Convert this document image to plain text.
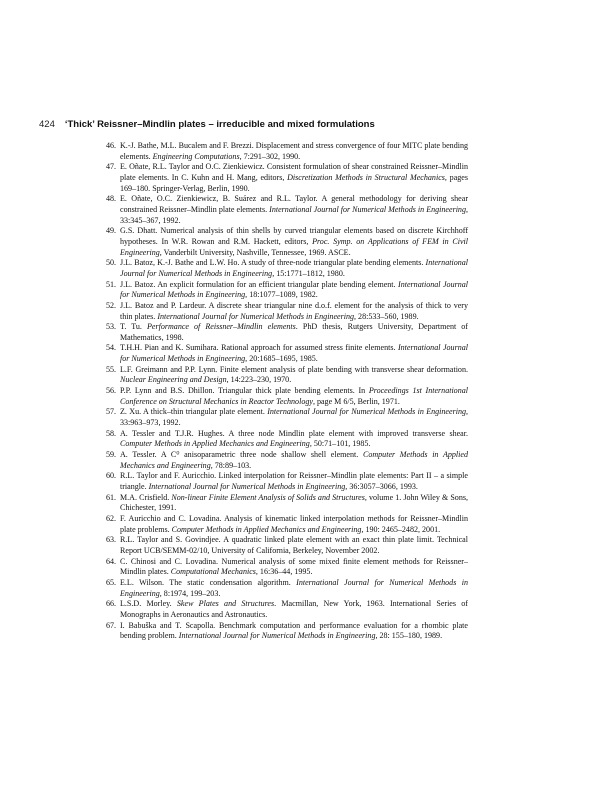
424 ‘Thick’ Reissner–Mindlin plates – irreducible and mixed formulations
46. K.-J. Bathe, M.L. Bucalem and F. Brezzi. Displacement and stress convergence of four MITC plate bending elements. Engineering Computations, 7:291–302, 1990.
47. E. Oñate, R.L. Taylor and O.C. Zienkiewicz. Consistent formulation of shear constrained Reissner–Mindlin plate elements. In C. Kuhn and H. Mang, editors, Discretization Methods in Structural Mechanics, pages 169–180. Springer-Verlag, Berlin, 1990.
48. E. Oñate, O.C. Zienkiewicz, B. Suárez and R.L. Taylor. A general methodology for deriving shear constrained Reissner–Mindlin plate elements. International Journal for Numerical Methods in Engineering, 33:345–367, 1992.
49. G.S. Dhatt. Numerical analysis of thin shells by curved triangular elements based on discrete Kirchhoff hypotheses. In W.R. Rowan and R.M. Hackett, editors, Proc. Symp. on Applications of FEM in Civil Engineering, Vanderbilt University, Nashville, Tennessee, 1969. ASCE.
50. J.L. Batoz, K.-J. Bathe and L.W. Ho. A study of three-node triangular plate bending elements. International Journal for Numerical Methods in Engineering, 15:1771–1812, 1980.
51. J.L. Batoz. An explicit formulation for an efficient triangular plate bending element. International Journal for Numerical Methods in Engineering, 18:1077–1089, 1982.
52. J.L. Batoz and P. Lardeur. A discrete shear triangular nine d.o.f. element for the analysis of thick to very thin plates. International Journal for Numerical Methods in Engineering, 28:533–560, 1989.
53. T. Tu. Performance of Reissner–Mindlin elements. PhD thesis, Rutgers University, Department of Mathematics, 1998.
54. T.H.H. Pian and K. Sumihara. Rational approach for assumed stress finite elements. International Journal for Numerical Methods in Engineering, 20:1685–1695, 1985.
55. L.F. Greimann and P.P. Lynn. Finite element analysis of plate bending with transverse shear deformation. Nuclear Engineering and Design, 14:223–230, 1970.
56. P.P. Lynn and B.S. Dhillon. Triangular thick plate bending elements. In Proceedings 1st International Conference on Structural Mechanics in Reactor Technology, page M 6/5, Berlin, 1971.
57. Z. Xu. A thick–thin triangular plate element. International Journal for Numerical Methods in Engineering, 33:963–973, 1992.
58. A. Tessler and T.J.R. Hughes. A three node Mindlin plate element with improved transverse shear. Computer Methods in Applied Mechanics and Engineering, 50:71–101, 1985.
59. A. Tessler. A C⁰ anisoparametric three node shallow shell element. Computer Methods in Applied Mechanics and Engineering, 78:89–103.
60. R.L. Taylor and F. Auricchio. Linked interpolation for Reissner–Mindlin plate elements: Part II – a simple triangle. International Journal for Numerical Methods in Engineering, 36:3057–3066, 1993.
61. M.A. Crisfield. Non-linear Finite Element Analysis of Solids and Structures, volume 1. John Wiley & Sons, Chichester, 1991.
62. F. Auricchio and C. Lovadina. Analysis of kinematic linked interpolation methods for Reissner–Mindlin plate problems. Computer Methods in Applied Mechanics and Engineering, 190: 2465–2482, 2001.
63. R.L. Taylor and S. Govindjee. A quadratic linked plate element with an exact thin plate limit. Technical Report UCB/SEMM-02/10, University of California, Berkeley, November 2002.
64. C. Chinosi and C. Lovadina. Numerical analysis of some mixed finite element methods for Reissner–Mindlin plates. Computational Mechanics, 16:36–44, 1995.
65. E.L. Wilson. The static condensation algorithm. International Journal for Numerical Methods in Engineering, 8:1974, 199–203.
66. L.S.D. Morley. Skew Plates and Structures. Macmillan, New York, 1963. International Series of Monographs in Aeronautics and Astronautics.
67. I. Babuška and T. Scapolla. Benchmark computation and performance evaluation for a rhombic plate bending problem. International Journal for Numerical Methods in Engineering, 28: 155–180, 1989.
